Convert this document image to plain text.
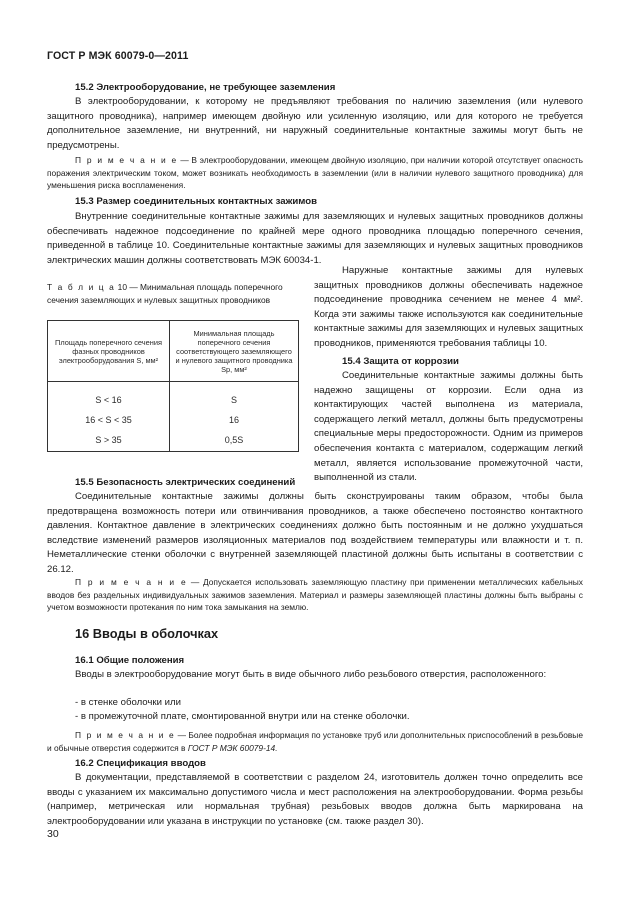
ГОСТ Р МЭК 60079-0—2011
15.2 Электрооборудование, не требующее заземления
В электрооборудовании, к которому не предъявляют требования по наличию заземления (или нулевого защитного проводника), например имеющем двойную или усиленную изоляцию, или для которого не требуется дополнительное заземление, ни внутренний, ни наружный соединительные контактные зажимы могут быть не предусмотрены.
П р и м е ч а н и е — В электрооборудовании, имеющем двойную изоляцию, при наличии которой отсутствует опасность поражения электрическим током, может возникать необходимость в заземлении (или в наличии нулевого защитного проводника) для уменьшения риска воспламенения.
15.3 Размер соединительных контактных зажимов
Внутренние соединительные контактные зажимы для заземляющих и нулевых защитных проводников должны обеспечивать надежное подсоединение по крайней мере одного проводника площадью поперечного сечения, приведенной в таблице 10. Соединительные контактные зажимы для заземляющих и нулевых защитных проводников электрических машин должны соответствовать МЭК 60034-1.
Т а б л и ц а 10 — Минимальная площадь поперечного сечения заземляющих и нулевых защитных проводников
Площадь поперечного сечения фазных проводников электрооборудования S, мм²	Минимальная площадь поперечного сечения соответствующего заземляющего и нулевого защитного проводника Sp, мм²

S < 16	S
16 < S < 35	16
S > 35	0,5S
Наружные контактные зажимы для нулевых защитных проводников должны обеспечивать надежное подсоединение проводника сечением не менее 4 мм². Когда эти зажимы также используются как соединительные контактные зажимы для заземляющих и нулевых защитных проводников, применяются требования таблицы 10.
15.4 Защита от коррозии
Соединительные контактные зажимы должны быть надежно защищены от коррозии. Если одна из контактирующих частей выполнена из материала, содержащего легкий металл, должны быть предусмотрены специальные меры предосторожности. Одним из примеров обеспечения контакта с материалом, содержащим легкий металл, является использование промежуточной части, выполненной из стали.
15.5 Безопасность электрических соединений
Соединительные контактные зажимы должны быть сконструированы таким образом, чтобы была предотвращена возможность потери или отвинчивания проводников, а также обеспечено постоянство контактного давления. Контактное давление в электрических соединениях должно быть постоянным и не должно ухудшаться вследствие изменений размеров изоляционных материалов под воздействием температуры или влажности и т. п. Неметаллические стенки оболочки с внутренней заземляющей пластиной должны быть испытаны в соответствии с 26.12.
П р и м е ч а н и е — Допускается использовать заземляющую пластину при применении металлических кабельных вводов без раздельных индивидуальных зажимов заземления. Материал и размеры заземляющей пластины должны быть выбраны с учетом возможности протекания по ним тока замыкания на землю.
16 Вводы в оболочках
16.1 Общие положения
Вводы в электрооборудование могут быть в виде обычного либо резьбового отверстия, расположенного:
- в стенке оболочки или
- в промежуточной плате, смонтированной внутри или на стенке оболочки.
П р и м е ч а н и е — Более подробная информация по установке труб или дополнительных приспособлений в резьбовые и обычные отверстия содержится в ГОСТ Р МЭК 60079-14.
16.2 Спецификация вводов
В документации, представляемой в соответствии с разделом 24, изготовитель должен точно определить все вводы с указанием их максимально допустимого числа и мест расположения на электрооборудовании. Форма резьбы (например, метрическая или нормальная трубная) резьбовых вводов должна быть маркирована на электрооборудовании или указана в инструкции по установке (см. также раздел 30).
30
